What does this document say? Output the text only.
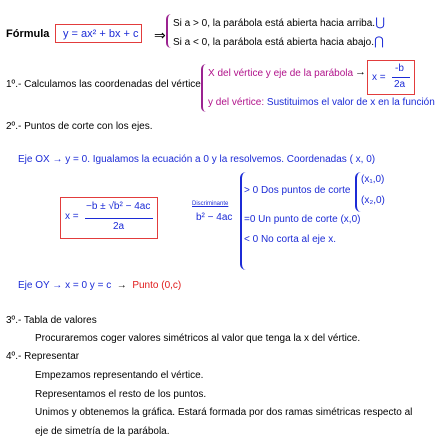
Fórmula y = ax² + bx + c ⇒
Si a > 0, la parábola está abierta hacia arriba.⋃
Si a < 0, la parábola está abierta hacia abajo.⋂
1º.- Calculamos las coordenadas del vértice
X del vértice y eje de la parábola → x =
-b
2a
y del vértice: Sustituimos el valor de x en la función
2º.- Puntos de corte con los ejes.
Eje OX → y = 0. Igualamos la ecuación a 0 y la resolvemos. Coordenadas ( x, 0)
x =
−b ± √b² − 4ac
2a
Discriminante
b² − 4ac
> 0 Dos puntos de corte
(x₁,0)
(x₂,0)
=0 Un punto de corte (x,0)
< 0 No corta al eje x.
Eje OY → x = 0 y = c → Punto (0,c)
3º.- Tabla de valores
Procuraremos coger valores simétricos al valor que tenga la x del vértice.
4º.- Representar
Empezamos representando el vértice.
Representamos el resto de los puntos.
Unimos y obtenemos la gráfica. Estará formada por dos ramas simétricas respecto al
eje de simetría de la parábola.
